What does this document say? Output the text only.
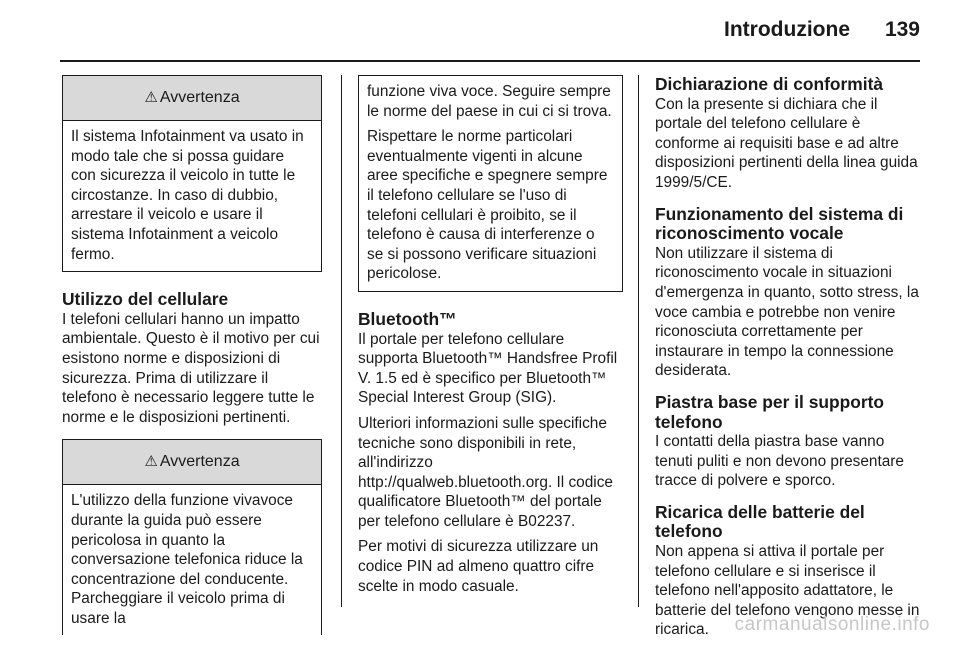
Introduzione	139
⚠ Avvertenza

Il sistema Infotainment va usato in modo tale che si possa guidare con sicurezza il veicolo in tutte le circostanze. In caso di dubbio, arrestare il veicolo e usare il sistema Infotainment a veicolo fermo.

Utilizzo del cellulare

I telefoni cellulari hanno un impatto ambientale. Questo è il motivo per cui esistono norme e disposizioni di sicurezza. Prima di utilizzare il telefono è necessario leggere tutte le norme e le disposizioni pertinenti.

⚠ Avvertenza

L'utilizzo della funzione vivavoce durante la guida può essere pericolosa in quanto la conversazione telefonica riduce la concentrazione del conducente. Parcheggiare il veicolo prima di usare la

funzione viva voce. Seguire sempre le norme del paese in cui ci si trova.

Rispettare le norme particolari eventualmente vigenti in alcune aree specifiche e spegnere sempre il telefono cellulare se l'uso di telefoni cellulari è proibito, se il telefono è causa di interferenze o se si possono verificare situazioni pericolose.

Bluetooth™

Il portale per telefono cellulare supporta Bluetooth™ Handsfree Profil V. 1.5 ed è specifico per Bluetooth™ Special Interest Group (SIG).

Ulteriori informazioni sulle specifiche tecniche sono disponibili in rete, all'indirizzo http://qualweb.bluetooth.org. Il codice qualificatore Bluetooth™ del portale per telefono cellulare è B02237.

Per motivi di sicurezza utilizzare un codice PIN ad almeno quattro cifre scelte in modo casuale.

Dichiarazione di conformità

Con la presente si dichiara che il portale del telefono cellulare è conforme ai requisiti base e ad altre disposizioni pertinenti della linea guida 1999/5/CE.

Funzionamento del sistema di riconoscimento vocale

Non utilizzare il sistema di riconoscimento vocale in situazioni d'emergenza in quanto, sotto stress, la voce cambia e potrebbe non venire riconosciuta correttamente per instaurare in tempo la connessione desiderata.

Piastra base per il supporto telefono

I contatti della piastra base vanno tenuti puliti e non devono presentare tracce di polvere e sporco.

Ricarica delle batterie del telefono

Non appena si attiva il portale per telefono cellulare e si inserisce il telefono nell'apposito adattatore, le batterie del telefono vengono messe in ricarica.	carmanualsonline.info
